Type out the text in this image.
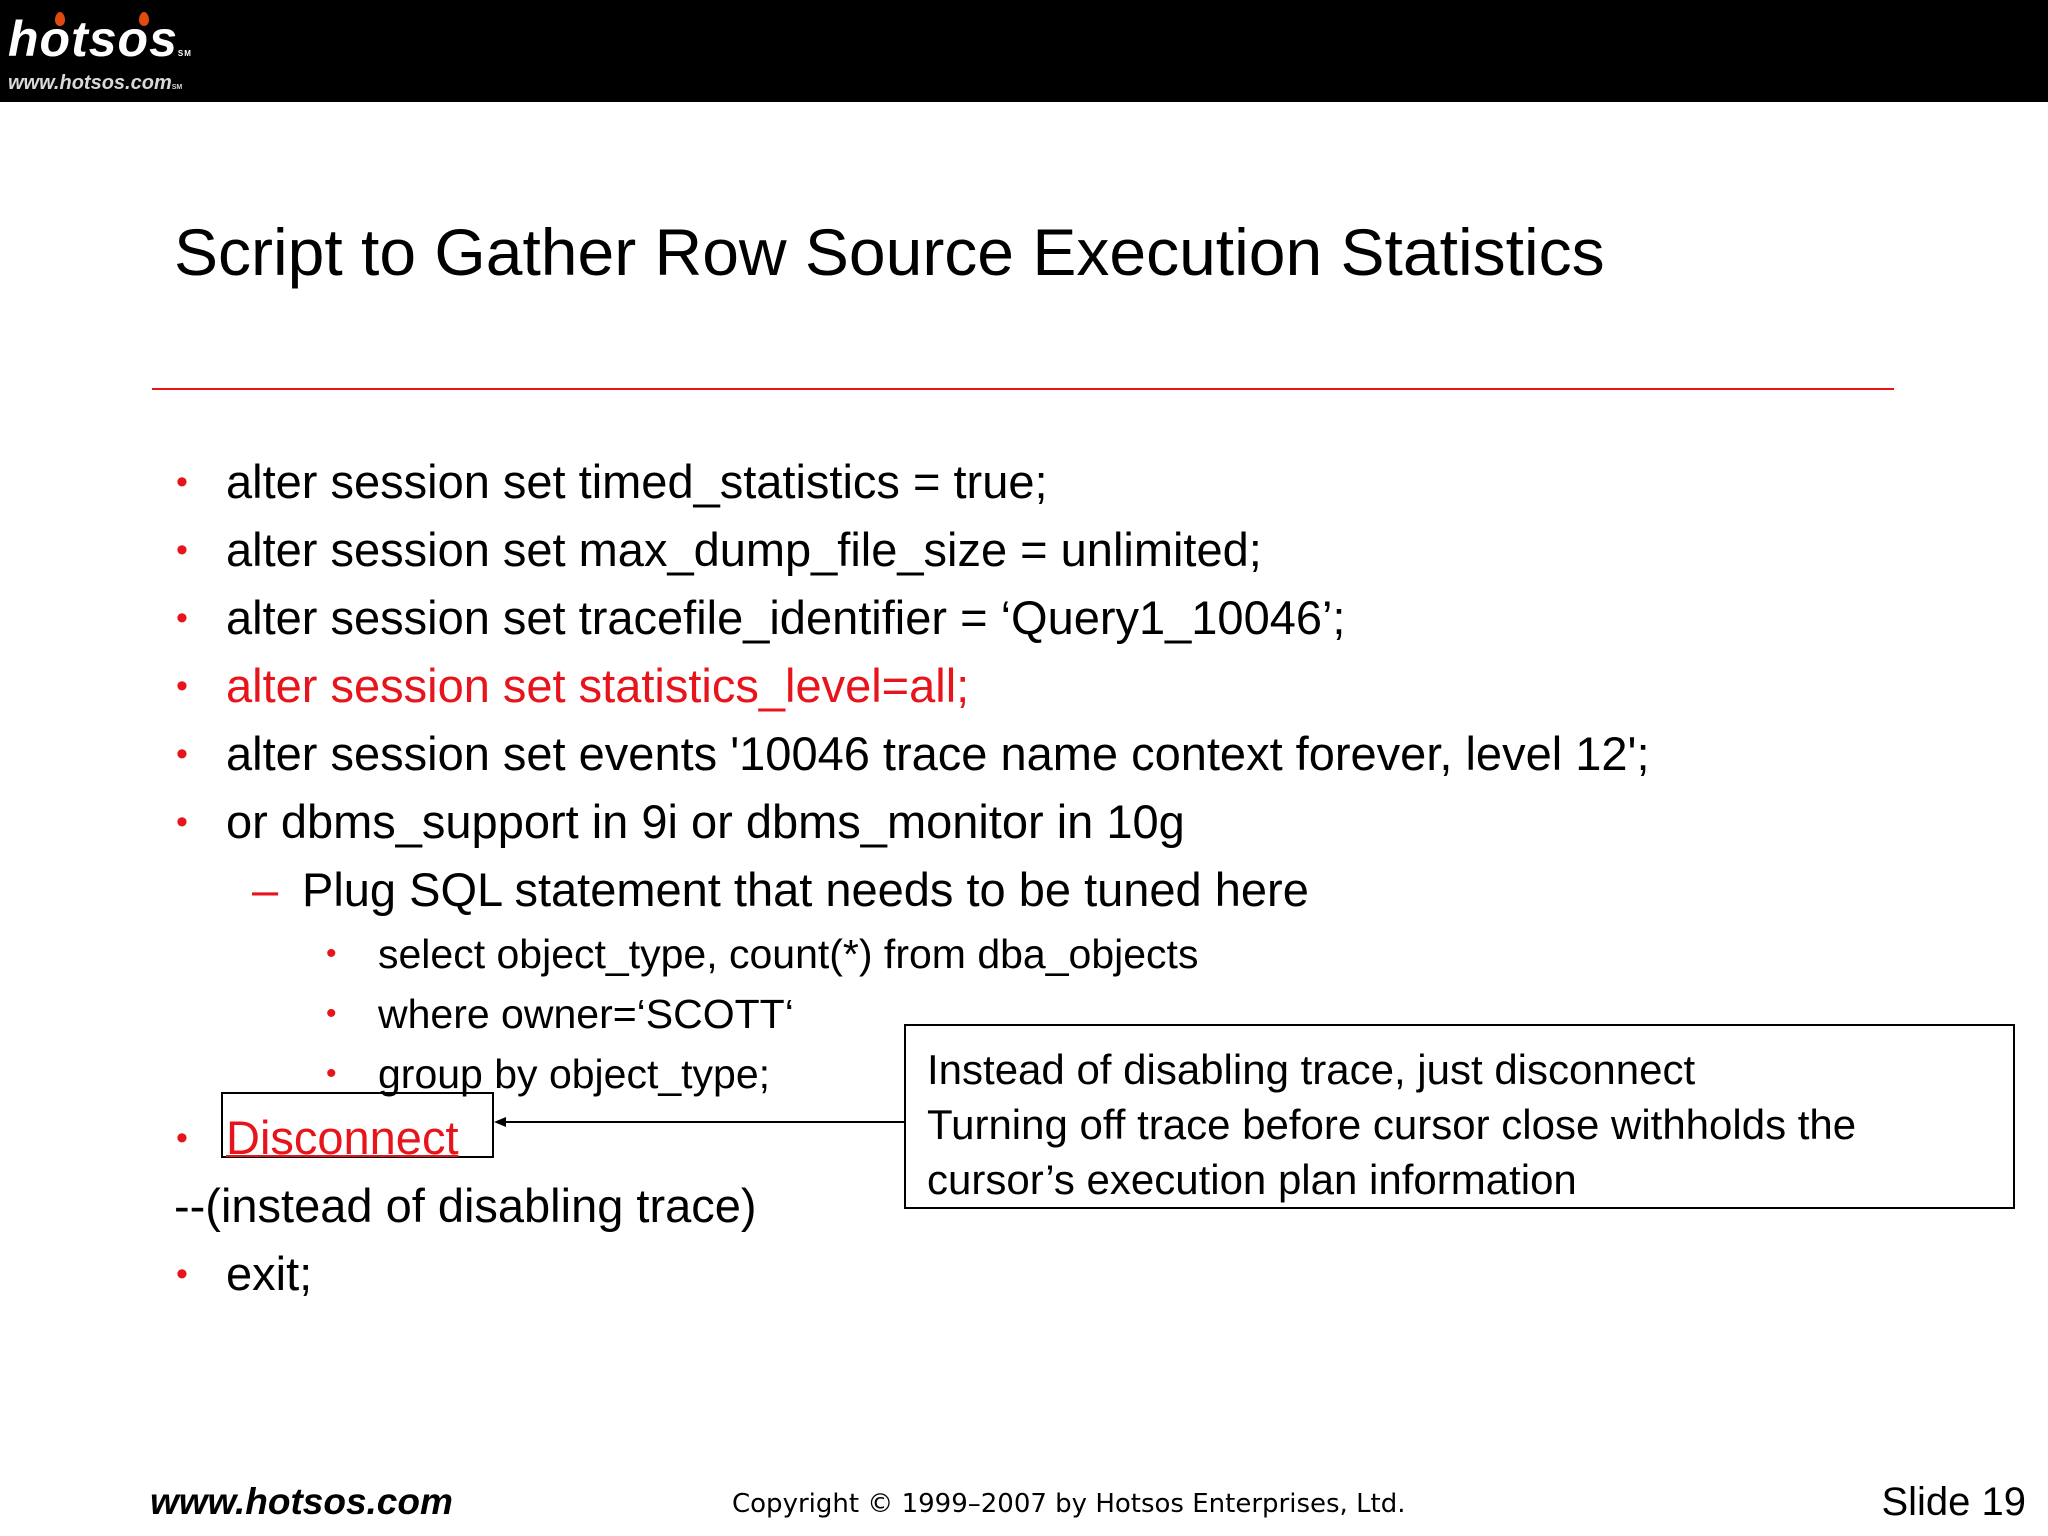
hotsosSM
www.hotsos.comSM
Script to Gather Row Source Execution Statistics
• alter session set timed_statistics = true;
• alter session set max_dump_file_size = unlimited;
• alter session set tracefile_identifier = ‘Query1_10046’;
• alter session set statistics_level=all;
• alter session set events '10046 trace name context forever, level 12';
• or dbms_support in 9i or dbms_monitor in 10g
– Plug SQL statement that needs to be tuned here
• select object_type, count(*) from dba_objects
• where owner=‘SCOTT‘
• group by object_type;
• Disconnect
--(instead of disabling trace)
• exit;
Instead of disabling trace, just disconnect
Turning off trace before cursor close withholds the
cursor’s execution plan information
www.hotsos.com	Copyright © 1999–2007 by Hotsos Enterprises, Ltd.	Slide 19
